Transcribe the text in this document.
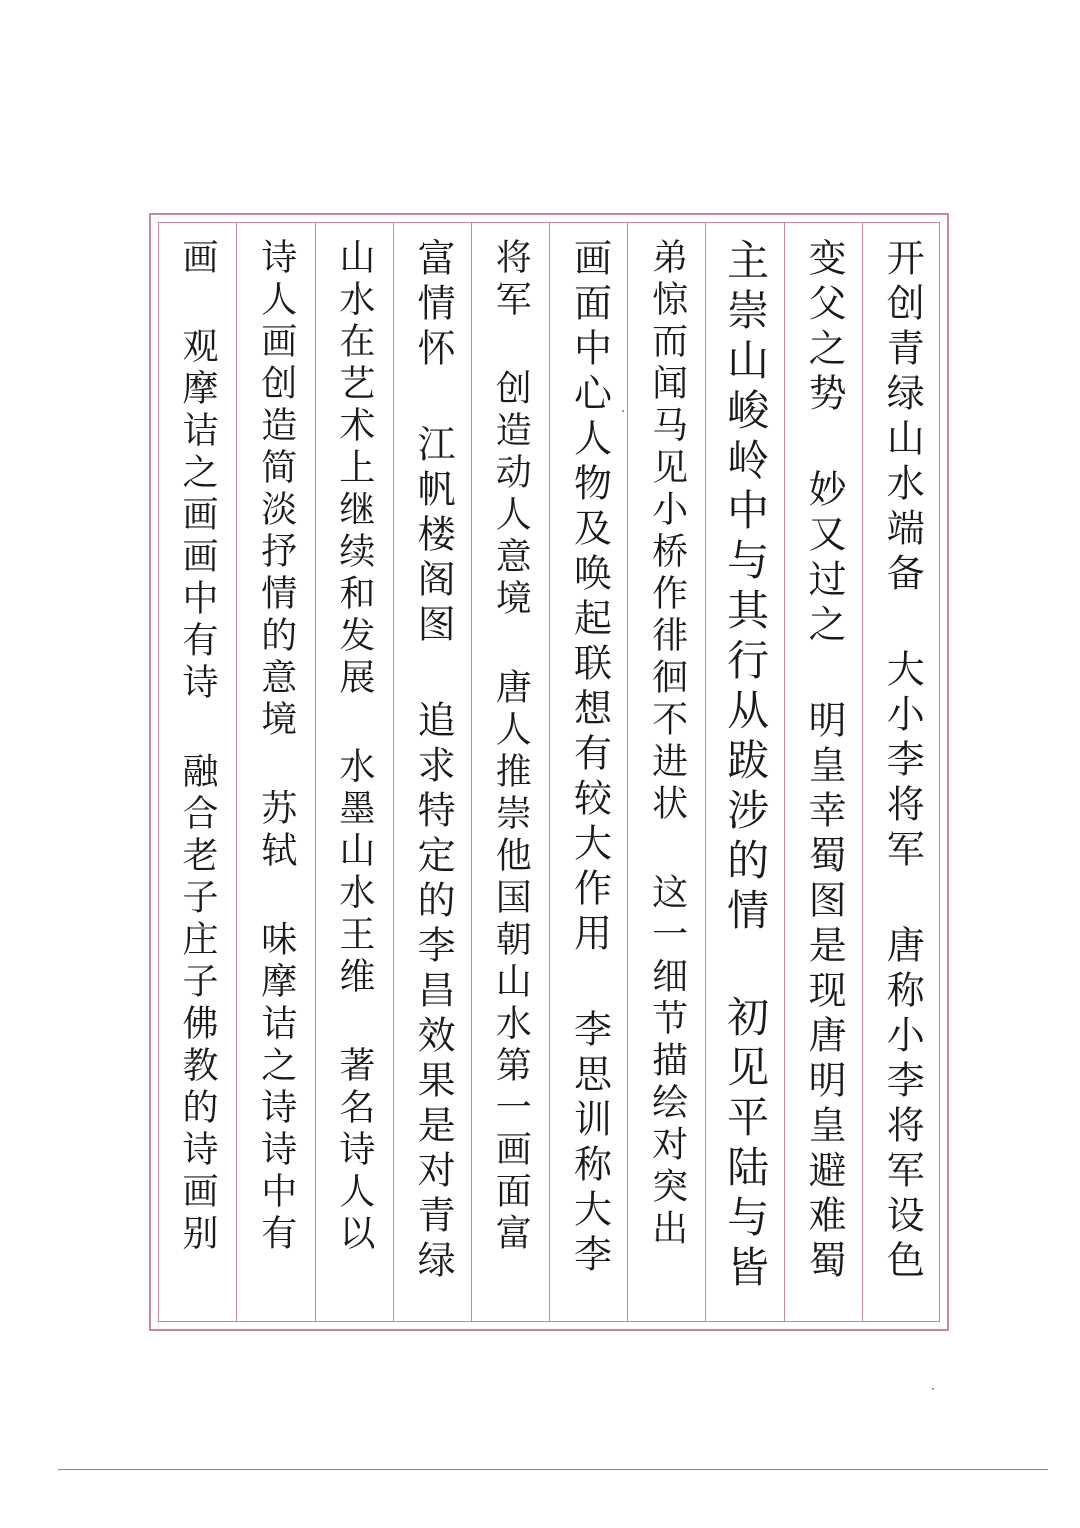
开创青绿山水端备 大小李将军 唐称小李将军设色
变父之势 妙又过之 明皇幸蜀图是现唐明皇避难蜀
主崇山峻岭中与其行从跋涉的情 初见平陆与皆
弟惊而闻马见小桥作徘徊不进状 这一细节描绘对突出
画面中心人物及唤起联想有较大作用 李思训称大李
将军 创造动人意境 唐人推崇他国朝山水第一画面富
富情怀 江帆楼阁图 追求特定的李昌效果是对青绿
山水在艺术上继续和发展 水墨山水王维 著名诗人以
诗人画创造简淡抒情的意境 苏轼 味摩诘之诗诗中有
画 观摩诘之画画中有诗 融合老子庄子佛教的诗画别
